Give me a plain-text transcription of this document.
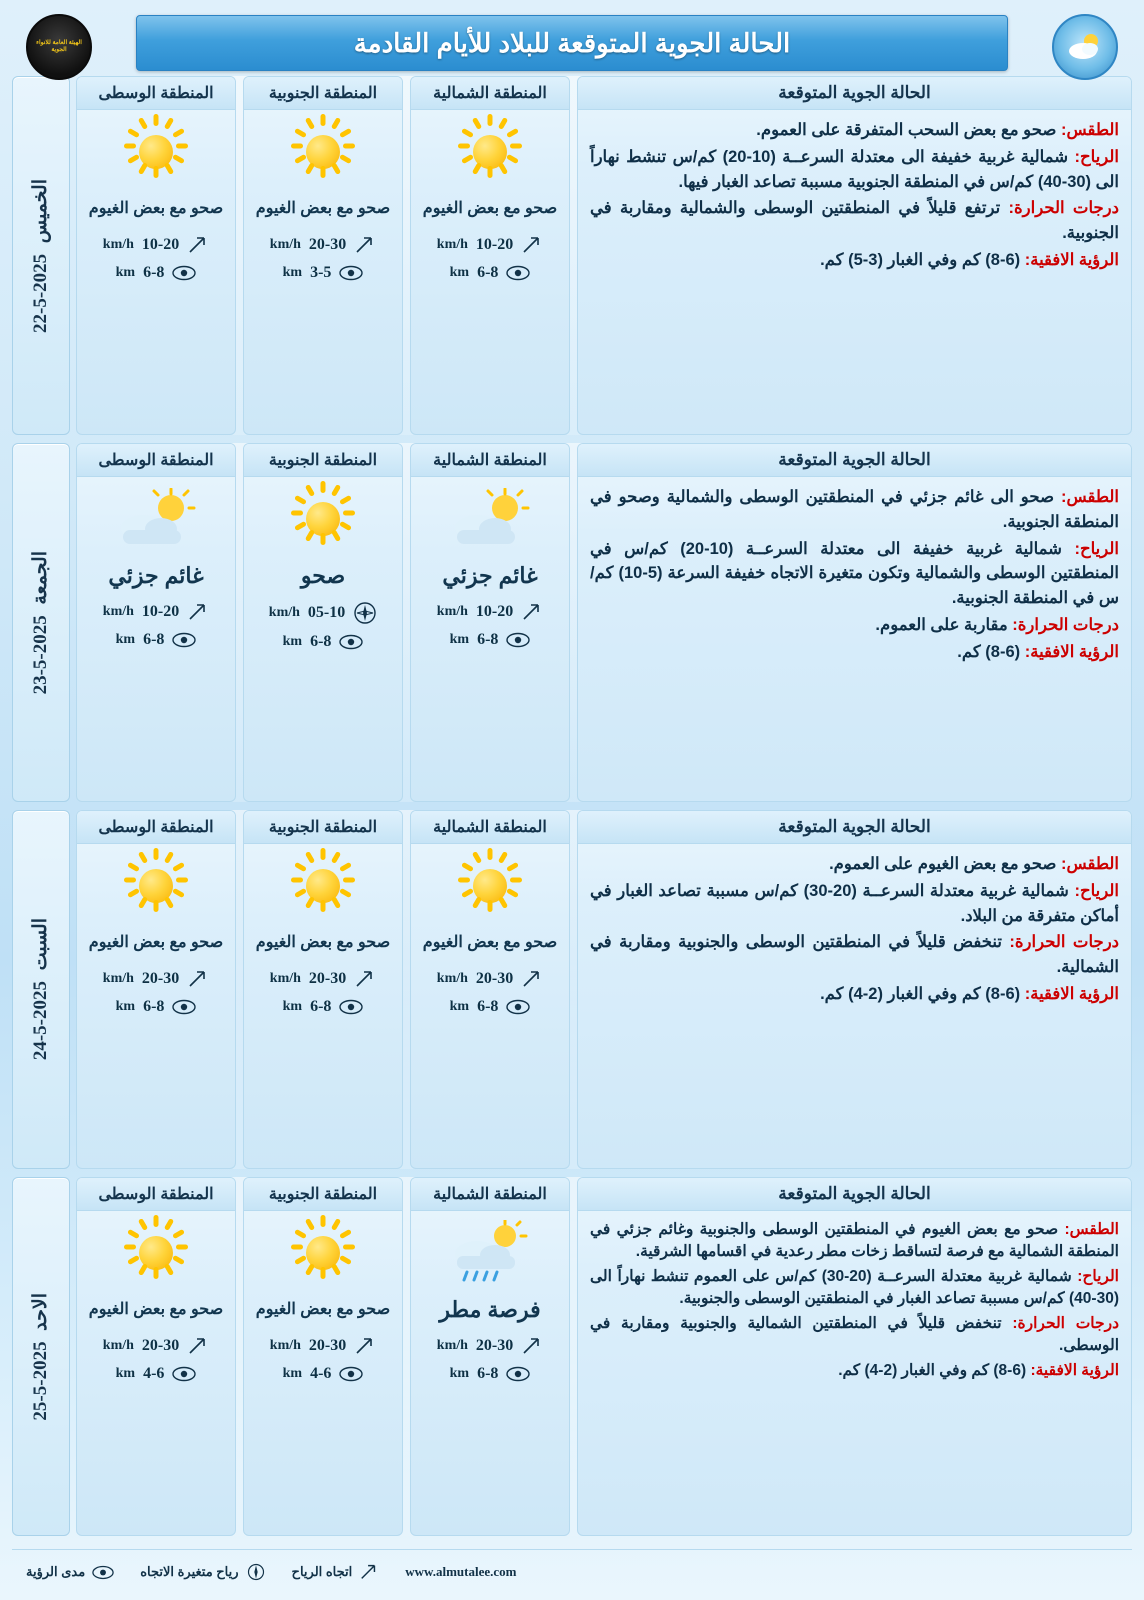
الهيئة العامة للانواء الجوية	الحالة الجوية المتوقعة للبلاد للأيام القادمة
الحالة الجوية المتوقعة

الطقس: صحو مع بعض السحب المتفرقة على العموم.

الرياح: شمالية غربية خفيفة الى معتدلة السرعــة (10-20) كم/س تنشط نهاراً الى (30-40) كم/س في المنطقة الجنوبية مسببة تصاعد الغبار فيها.

درجات الحرارة: ترتفع قليلاً في المنطقتين الوسطى والشمالية ومقاربة في الجنوبية.

الرؤية الافقية: (6-8) كم وفي الغبار (3-5) كم.

المنطقة الشمالية
صحو مع بعض الغيوم
10-20
km/h
6-8
km
المنطقة الجنوبية
صحو مع بعض الغيوم
20-30
km/h
3-5
km
المنطقة الوسطى
صحو مع بعض الغيوم
10-20
km/h
6-8
km
الحالة الجوية المتوقعة

الطقس: صحو الى غائم جزئي في المنطقتين الوسطى والشمالية وصحو في المنطقة الجنوبية.

الرياح: شمالية غربية خفيفة الى معتدلة السرعــة (10-20) كم/س في المنطقتين الوسطى والشمالية وتكون متغيرة الاتجاه خفيفة السرعة (5-10) كم/س في المنطقة الجنوبية.

درجات الحرارة: مقاربة على العموم.

الرؤية الافقية: (6-8) كم.

المنطقة الشمالية
غائم جزئي
10-20
km/h
6-8
km
المنطقة الجنوبية
صحو
05-10
km/h
6-8
km
المنطقة الوسطى
غائم جزئي
10-20
km/h
6-8
km
الحالة الجوية المتوقعة

الطقس: صحو مع بعض الغيوم على العموم.

الرياح: شمالية غربية معتدلة السرعــة (20-30) كم/س مسببة تصاعد الغبار في أماكن متفرقة من البلاد.

درجات الحرارة: تنخفض قليلاً في المنطقتين الوسطى والجنوبية ومقاربة في الشمالية.

الرؤية الافقية: (6-8) كم وفي الغبار (2-4) كم.

المنطقة الشمالية
صحو مع بعض الغيوم
20-30
km/h
6-8
km
المنطقة الجنوبية
صحو مع بعض الغيوم
20-30
km/h
6-8
km
المنطقة الوسطى
صحو مع بعض الغيوم
20-30
km/h
6-8
km
الحالة الجوية المتوقعة

الطقس: صحو مع بعض الغيوم في المنطقتين الوسطى والجنوبية وغائم جزئي في المنطقة الشمالية مع فرصة لتساقط زخات مطر رعدية في اقسامها الشرقية.

الرياح: شمالية غربية معتدلة السرعــة (20-30) كم/س على العموم تنشط نهاراً الى (30-40) كم/س مسببة تصاعد الغبار في المنطقتين الوسطى والجنوبية.

درجات الحرارة: تنخفض قليلاً في المنطقتين الشمالية والجنوبية ومقاربة في الوسطى.

الرؤية الافقية: (6-8) كم وفي الغبار (2-4) كم.

المنطقة الشمالية
فرصة مطر
20-30
km/h
6-8
km
المنطقة الجنوبية
صحو مع بعض الغيوم
20-30
km/h
4-6
km
المنطقة الوسطى
صحو مع بعض الغيوم
20-30
km/h
4-6
km
الخميس  2025-5-22
الجمعة  2025-5-23
السبت  2025-5-24
الاحد  2025-5-25
www.almutalee.com
اتجاه الرياح
رياح متغيرة الاتجاه
مدى الرؤية
